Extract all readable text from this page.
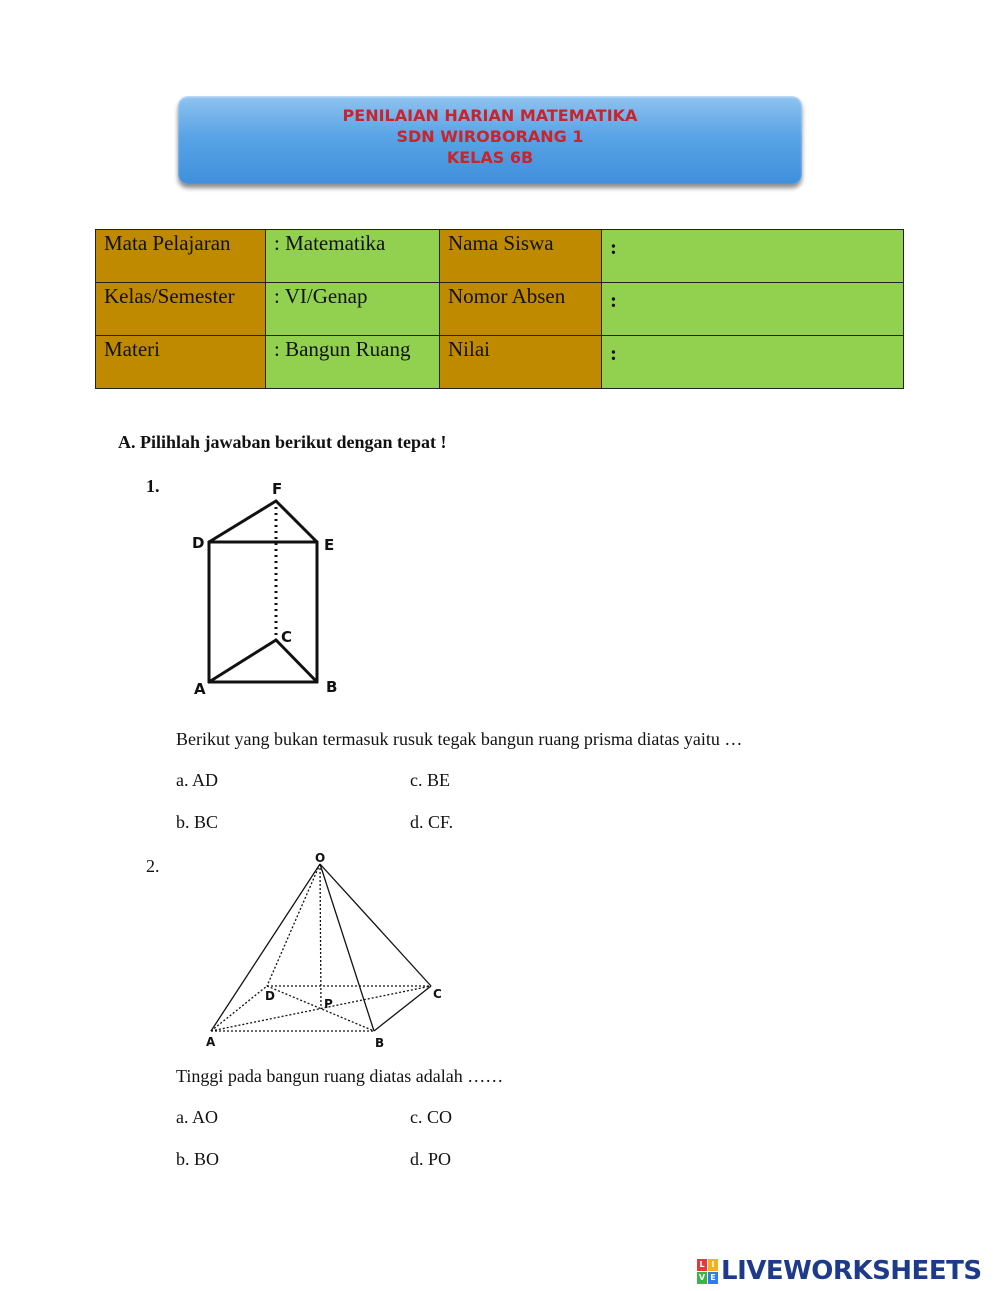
PENILAIAN HARIAN MATEMATIKA
SDN WIROBORANG 1
KELAS 6B
Mata Pelajaran	: Matematika	Nama Siswa	:
Kelas/Semester	: VI/Genap	Nomor Absen	:
Materi	: Bangun Ruang	Nilai	:
A. Pilihlah jawaban berikut dengan tepat !
1.	F
D	E
C
A	B
Berikut yang bukan termasuk rusuk tegak bangun ruang prisma diatas yaitu …
a. AD	c. BE
b. BC	d. CF.
2.	O
D
P
C
A	B
Tinggi pada bangun ruang diatas adalah ……
a. AO	c. CO
b. BO	d. PO
L I
V E LIVEWORKSHEETS
